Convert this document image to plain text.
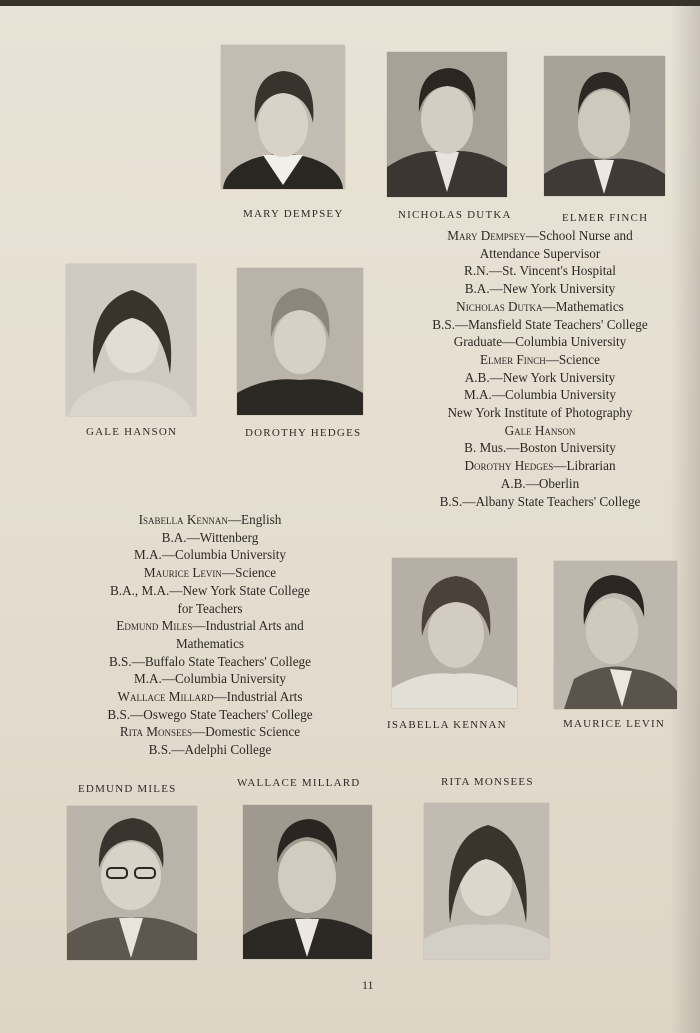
MARY DEMPSEY	NICHOLAS DUTKA	ELMER FINCH
GALE HANSON	DOROTHY HEDGES
Mary Dempsey—School Nurse and
Attendance Supervisor
R.N.—St. Vincent's Hospital
B.A.—New York University
Nicholas Dutka—Mathematics
B.S.—Mansfield State Teachers' College
Graduate—Columbia University
Elmer Finch—Science
A.B.—New York University
M.A.—Columbia University
New York Institute of Photography
Gale Hanson
B. Mus.—Boston University
Dorothy Hedges—Librarian
A.B.—Oberlin
B.S.—Albany State Teachers' College
Isabella Kennan—English
B.A.—Wittenberg
M.A.—Columbia University
Maurice Levin—Science
B.A., M.A.—New York State College
for Teachers
Edmund Miles—Industrial Arts and
Mathematics
B.S.—Buffalo State Teachers' College
M.A.—Columbia University
Wallace Millard—Industrial Arts
B.S.—Oswego State Teachers' College
Rita Monsees—Domestic Science
B.S.—Adelphi College
ISABELLA KENNAN	MAURICE LEVIN
RITA MONSEES
EDMUND MILES	WALLACE MILLARD
11
